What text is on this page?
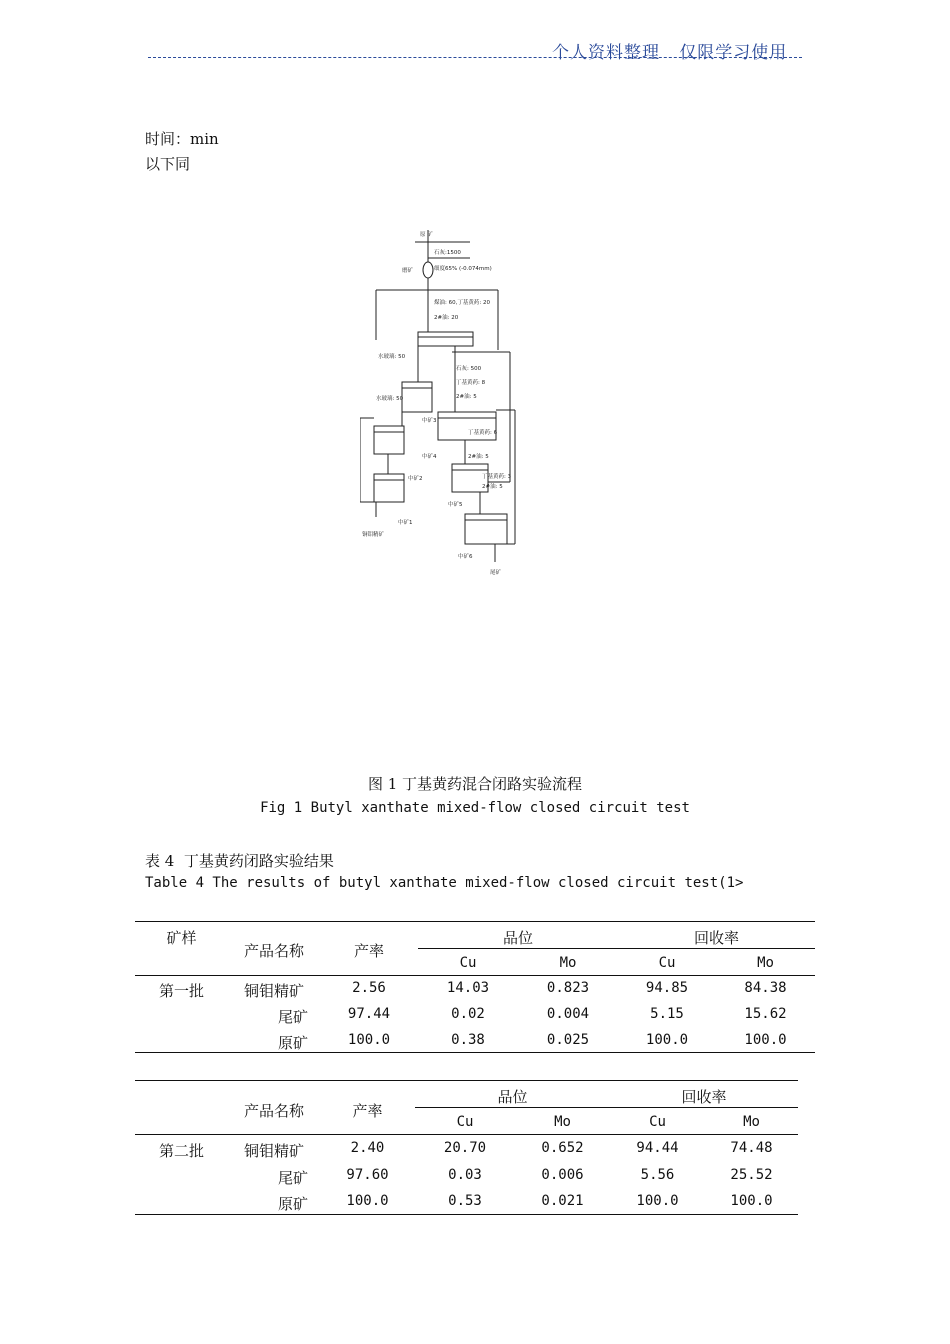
个人资料整理   仅限学习使用
时间：min
以下同
原 矿
石灰:1500
磨矿	细度65% (-0.074mm)
煤油: 60,丁基黄药: 20
2#油: 20
水玻璃: 50
水玻璃: 50
石灰: 500
丁基黄药: 8
2#油: 5
中矿3
丁基黄药: 6
中矿4	2#油: 5
丁基黄药: 3
2#油: 5
中矿2
中矿1
中矿5
中矿6
铜钼精矿
尾矿
图 1 丁基黄药混合闭路实验流程
Fig 1 Butyl xanthate mixed-flow closed circuit test
表 4  丁基黄药闭路实验结果
Table 4 The results of butyl xanthate mixed-flow closed circuit test(1>
矿样
产品名称	产率
品位	回收率
Cu	Mo	Cu	Mo
第一批	铜钼精矿	2.56	14.03	0.823	94.85	84.38
尾矿	97.44	0.02	0.004	5.15	15.62
原矿	100.0	0.38	0.025	100.0	100.0
产品名称	产率
品位	回收率
Cu	Mo	Cu	Mo
第二批	铜钼精矿	2.40	20.70	0.652	94.44	74.48
尾矿	97.60	0.03	0.006	5.56	25.52
原矿	100.0	0.53	0.021	100.0	100.0
